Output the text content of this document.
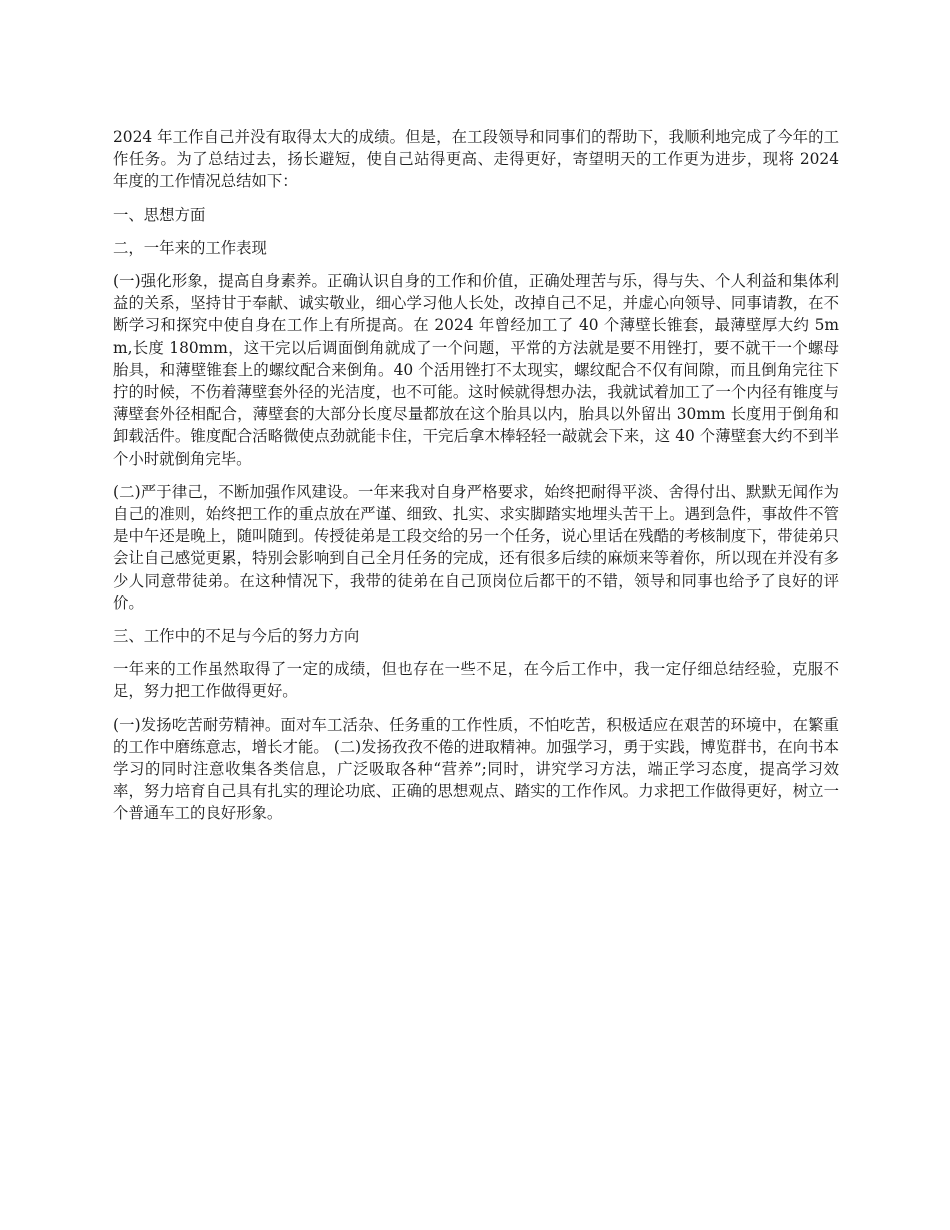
2024 年工作自己并没有取得太大的成绩。但是，在工段领导和同事们的帮助下，我顺利地完成了今年的工作任务。为了总结过去，扬长避短，使自己站得更高、走得更好，寄望明天的工作更为进步，现将 2024 年度的工作情况总结如下：

一、思想方面

二，一年来的工作表现

(一)强化形象，提高自身素养。正确认识自身的工作和价值，正确处理苦与乐，得与失、个人利益和集体利益的关系，坚持甘于奉献、诚实敬业，细心学习他人长处，改掉自己不足，并虚心向领导、同事请教，在不断学习和探究中使自身在工作上有所提高。在 2024 年曾经加工了 40 个薄壁长锥套，最薄壁厚大约 5mm,长度 180mm，这干完以后调面倒角就成了一个问题，平常的方法就是要不用锉打，要不就干一个螺母胎具，和薄壁锥套上的螺纹配合来倒角。40 个活用锉打不太现实，螺纹配合不仅有间隙，而且倒角完往下拧的时候，不伤着薄壁套外径的光洁度，也不可能。这时候就得想办法，我就试着加工了一个内径有锥度与薄壁套外径相配合，薄壁套的大部分长度尽量都放在这个胎具以内，胎具以外留出 30mm 长度用于倒角和卸载活件。锥度配合活略微使点劲就能卡住，干完后拿木棒轻轻一敲就会下来，这 40 个薄壁套大约不到半个小时就倒角完毕。

(二)严于律己，不断加强作风建设。一年来我对自身严格要求，始终把耐得平淡、舍得付出、默默无闻作为自己的准则，始终把工作的重点放在严谨、细致、扎实、求实脚踏实地埋头苦干上。遇到急件，事故件不管是中午还是晚上，随叫随到。传授徒弟是工段交给的另一个任务，说心里话在残酷的考核制度下，带徒弟只会让自己感觉更累，特别会影响到自己全月任务的完成，还有很多后续的麻烦来等着你，所以现在并没有多少人同意带徒弟。在这种情况下，我带的徒弟在自己顶岗位后都干的不错，领导和同事也给予了良好的评价。

三、工作中的不足与今后的努力方向

一年来的工作虽然取得了一定的成绩，但也存在一些不足，在今后工作中，我一定仔细总结经验，克服不足，努力把工作做得更好。

(一)发扬吃苦耐劳精神。面对车工活杂、任务重的工作性质，不怕吃苦，积极适应在艰苦的环境中，在繁重的工作中磨练意志，增长才能。 (二)发扬孜孜不倦的进取精神。加强学习，勇于实践，博览群书，在向书本学习的同时注意收集各类信息，广泛吸取各种“营养”;同时，讲究学习方法，端正学习态度，提高学习效率，努力培育自己具有扎实的理论功底、正确的思想观点、踏实的工作作风。力求把工作做得更好，树立一个普通车工的良好形象。
